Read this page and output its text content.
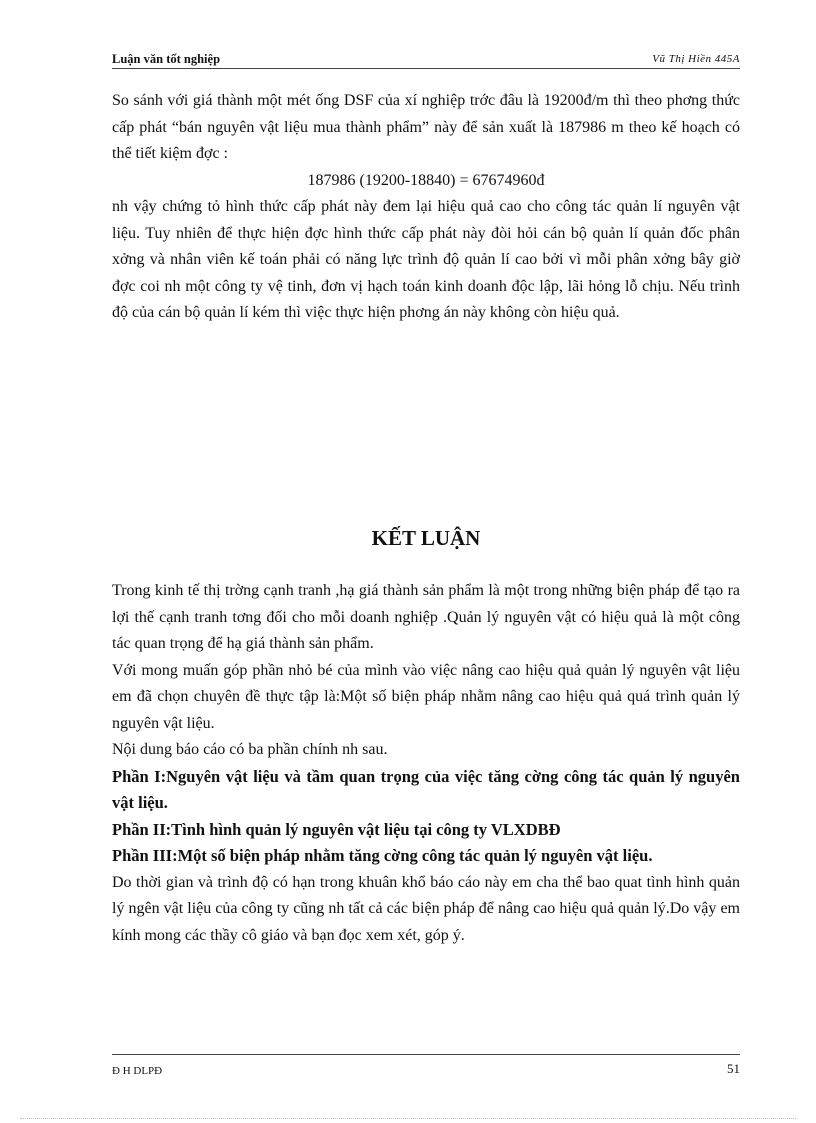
Luận văn tốt nghiệp	Vũ Thị Hiền 445A

So sánh với giá thành một mét ống DSF của xí nghiệp trớc đâu là 19200đ/m thì theo phơng thức cấp phát “bán nguyên vật liệu mua thành phẩm” này để sản xuất là 187986 m theo kế hoạch có thể tiết kiệm đợc :

187986 (19200-18840) = 67674960đ

nh vậy chứng tỏ hình thức cấp phát này đem lại hiệu quả cao cho công tác quản lí nguyên vật liệu. Tuy nhiên để thực hiện đợc hình thức cấp phát này đòi hỏi cán bộ quản lí quản đốc phân xởng và nhân viên kế toán phải có năng lực trình độ quản lí cao bởi vì mỗi phân xởng bây giờ đợc coi nh một công ty vệ tinh, đơn vị hạch toán kinh doanh độc lập, lãi hỏng lỗ chịu. Nếu trình độ của cán bộ quản lí kém thì việc thực hiện phơng án này không còn hiệu quả.

KẾT LUẬN

Trong kinh tế thị trờng cạnh tranh ,hạ giá thành sản phẩm là một trong những biện pháp để tạo ra lợi thế cạnh tranh tơng đối cho mỗi doanh nghiệp .Quản lý nguyên vật có hiệu quả là một công tác quan trọng để hạ giá thành sản phẩm.

Với mong muấn góp phần nhỏ bé của mình vào việc nâng cao hiệu quả quản lý nguyên vật liệu em đã chọn chuyên đề thực tập là:Một số biện pháp nhằm nâng cao hiệu quả quá trình quản lý nguyên vật liệu.

Nội dung báo cáo có ba phần chính nh sau.

Phần I:Nguyên vật liệu và tầm quan trọng của việc tăng cờng công tác quản lý nguyên vật liệu.

Phần II:Tình hình quản lý nguyên vật liệu tại công ty VLXDBĐ

Phần III:Một số biện pháp nhằm tăng cờng công tác quản lý nguyên vật liệu.

Do thời gian và trình độ có hạn trong khuân khổ báo cáo này em cha thể bao quat tình hình quản lý ngên vật liệu của công ty cũng nh tất cả các biện pháp để nâng cao hiệu quả quản lý.Do vậy em kính mong các thầy cô giáo và bạn đọc xem xét, góp ý.

Đ H DLPĐ	51
